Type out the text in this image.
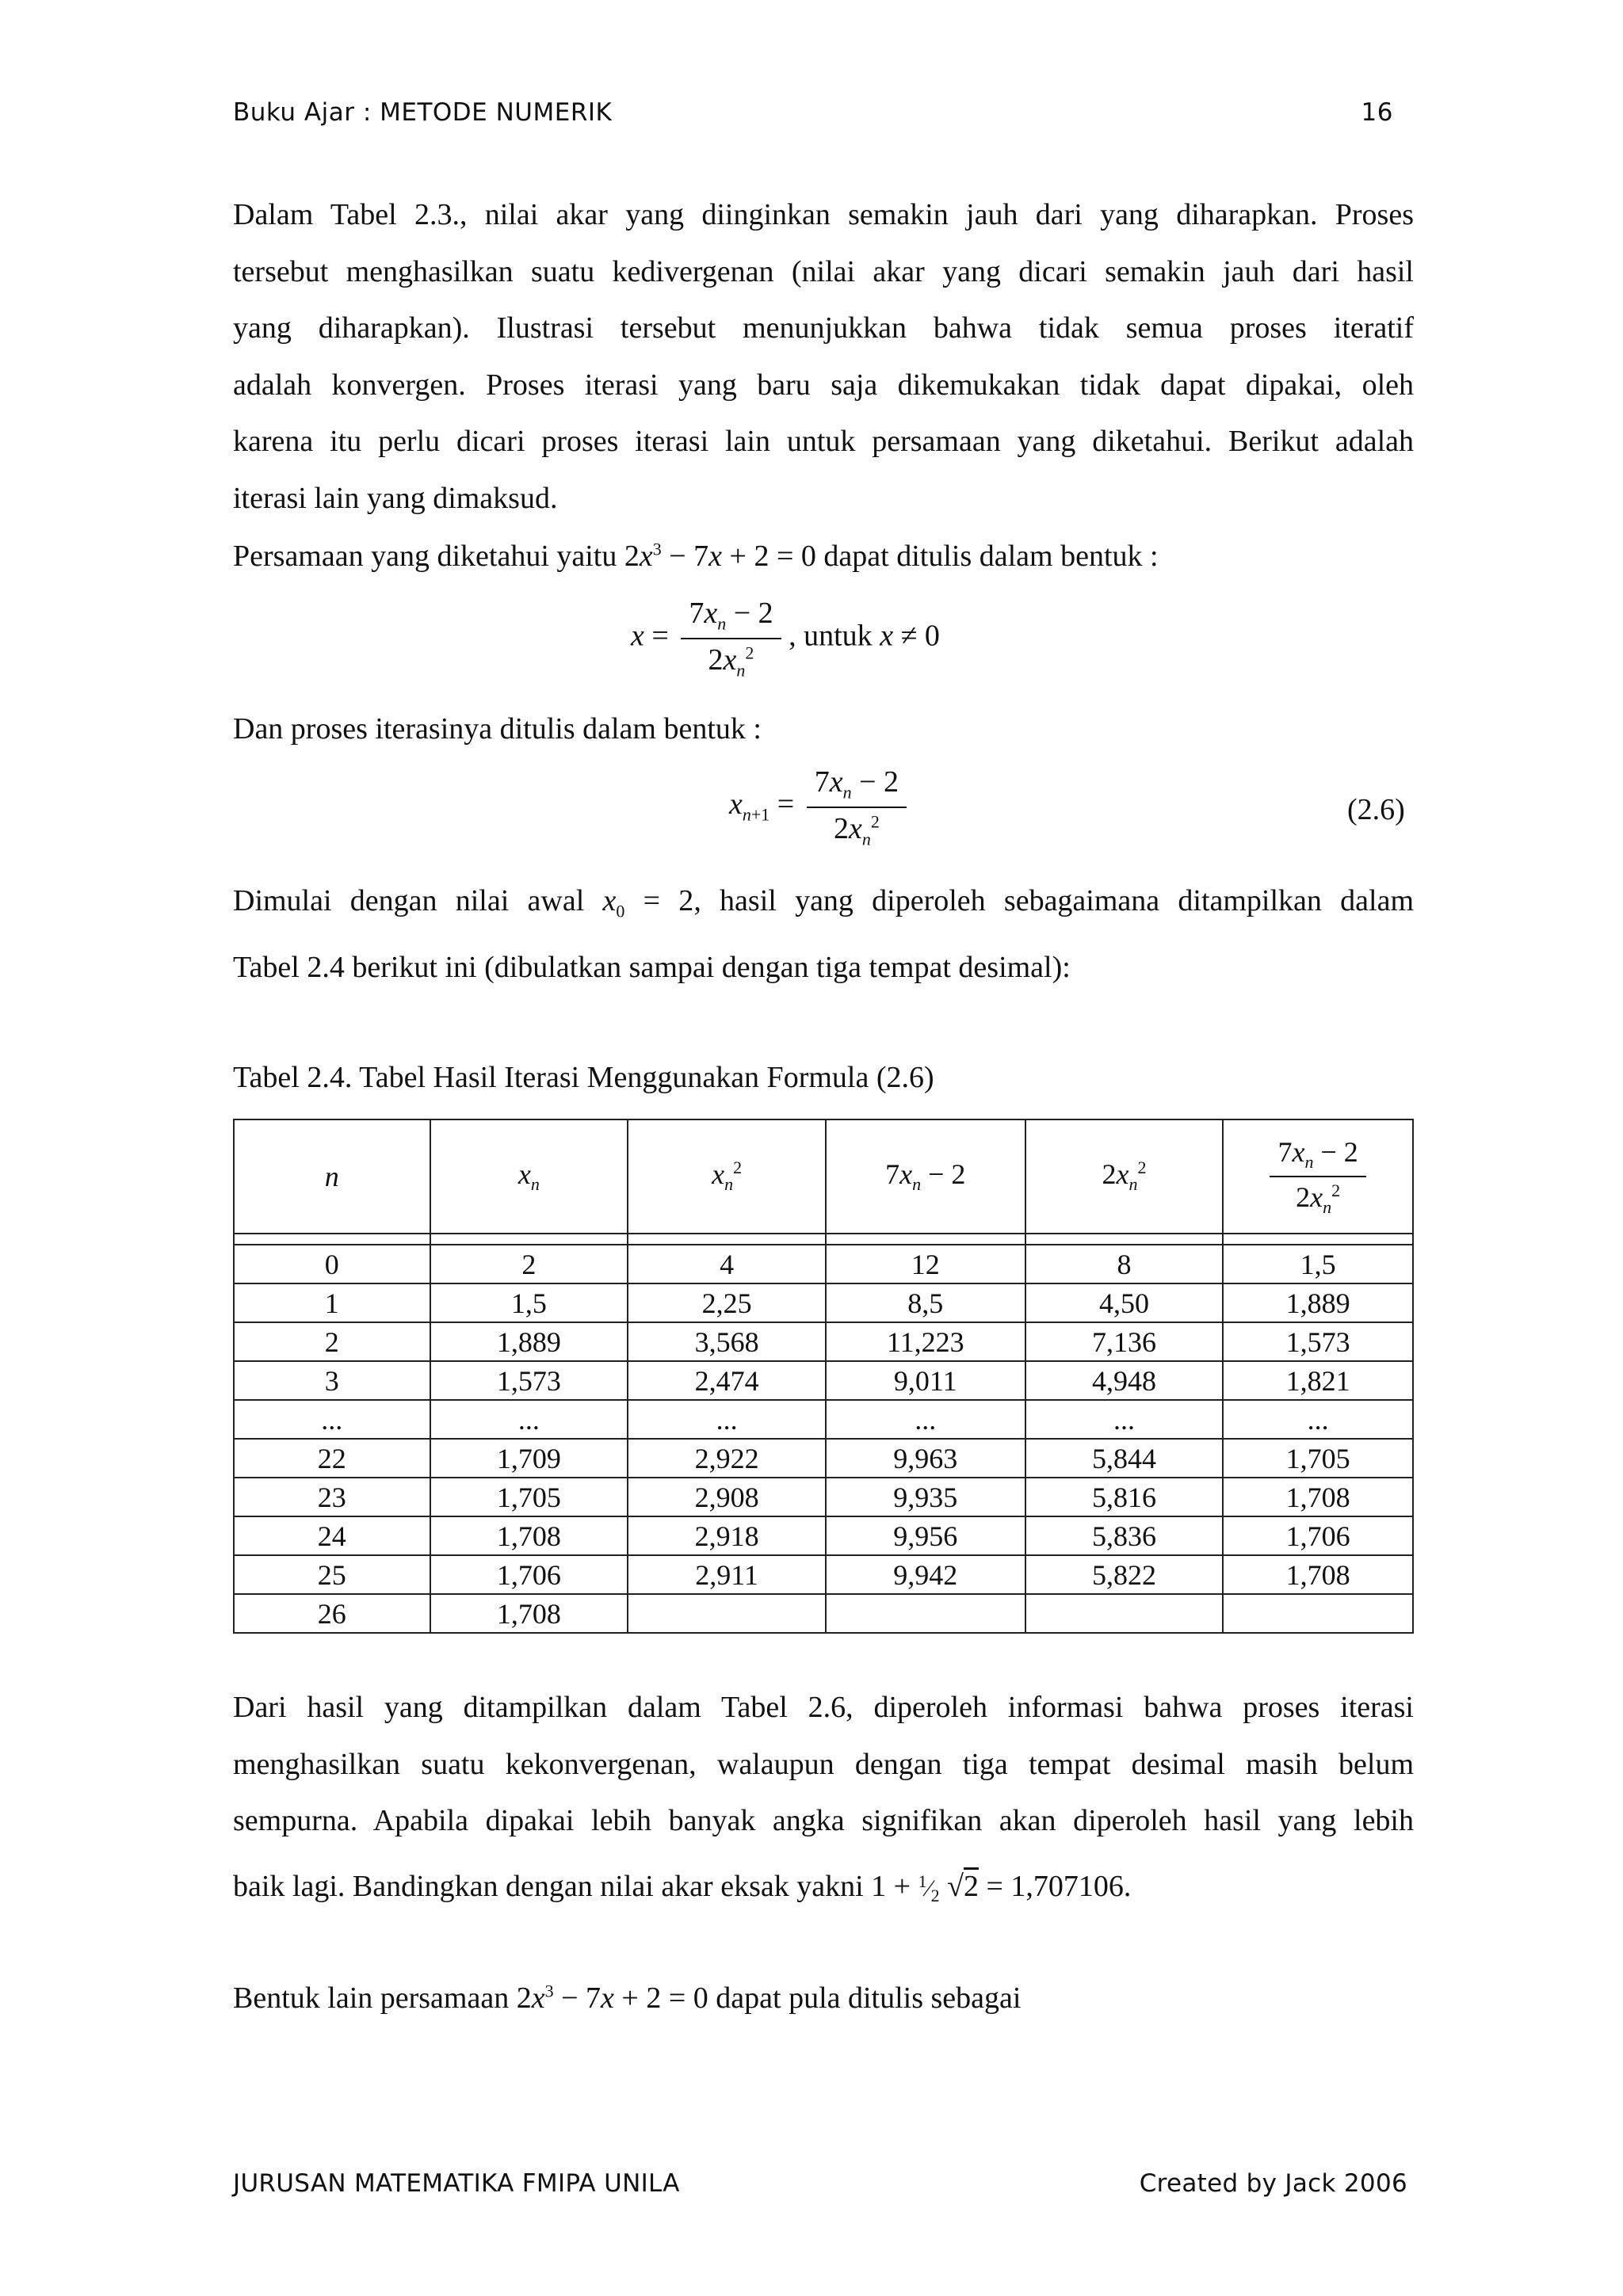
Buku Ajar : METODE NUMERIK	16
Dalam Tabel 2.3., nilai akar yang diinginkan semakin jauh dari yang diharapkan. Proses
tersebut menghasilkan suatu kedivergenan (nilai akar yang dicari semakin jauh dari hasil
yang diharapkan). Ilustrasi tersebut menunjukkan bahwa tidak semua proses iteratif
adalah konvergen. Proses iterasi yang baru saja dikemukakan tidak dapat dipakai, oleh
karena itu perlu dicari proses iterasi lain untuk persamaan yang diketahui. Berikut adalah
iterasi lain yang dimaksud.
Persamaan yang diketahui yaitu $2x^3 - 7x + 2 = 0$ dapat ditulis dalam bentuk :
$x = \frac{7x_n - 2}{2x_n^2}$ , untuk x ≠ 0
Dan proses iterasinya ditulis dalam bentuk :
$x_{n+1} = \frac{7x_n - 2}{2x_n^2}$	(2.6)
Dimulai dengan nilai awal $x_0 = 2$, hasil yang diperoleh sebagaimana ditampilkan dalam
Tabel 2.4 berikut ini (dibulatkan sampai dengan tiga tempat desimal):
Tabel 2.4. Tabel Hasil Iterasi Menggunakan Formula (2.6)
n	$x_n$	$x_n^2$	$7x_n - 2$	$2x_n^2$	$\frac{7x_n - 2}{2x_n^2}$

0	2	4	12	8	1,5
1	1,5	2,25	8,5	4,50	1,889
2	1,889	3,568	11,223	7,136	1,573
3	1,573	2,474	9,011	4,948	1,821
...	...	...	...	...	...
22	1,709	2,922	9,963	5,844	1,705
23	1,705	2,908	9,935	5,816	1,708
24	1,708	2,918	9,956	5,836	1,706
25	1,706	2,911	9,942	5,822	1,708
26	1,708				
Dari hasil yang ditampilkan dalam Tabel 2.6, diperoleh informasi bahwa proses iterasi
menghasilkan suatu kekonvergenan, walaupun dengan tiga tempat desimal masih belum
sempurna. Apabila dipakai lebih banyak angka signifikan akan diperoleh hasil yang lebih
baik lagi. Bandingkan dengan nilai akar eksak yakni $1 + ^1⁄_2$ √2 = 1,707106.
Bentuk lain persamaan $2x^3 - 7x + 2 = 0$ dapat pula ditulis sebagai
JURUSAN MATEMATIKA FMIPA UNILA	Created by Jack 2006
